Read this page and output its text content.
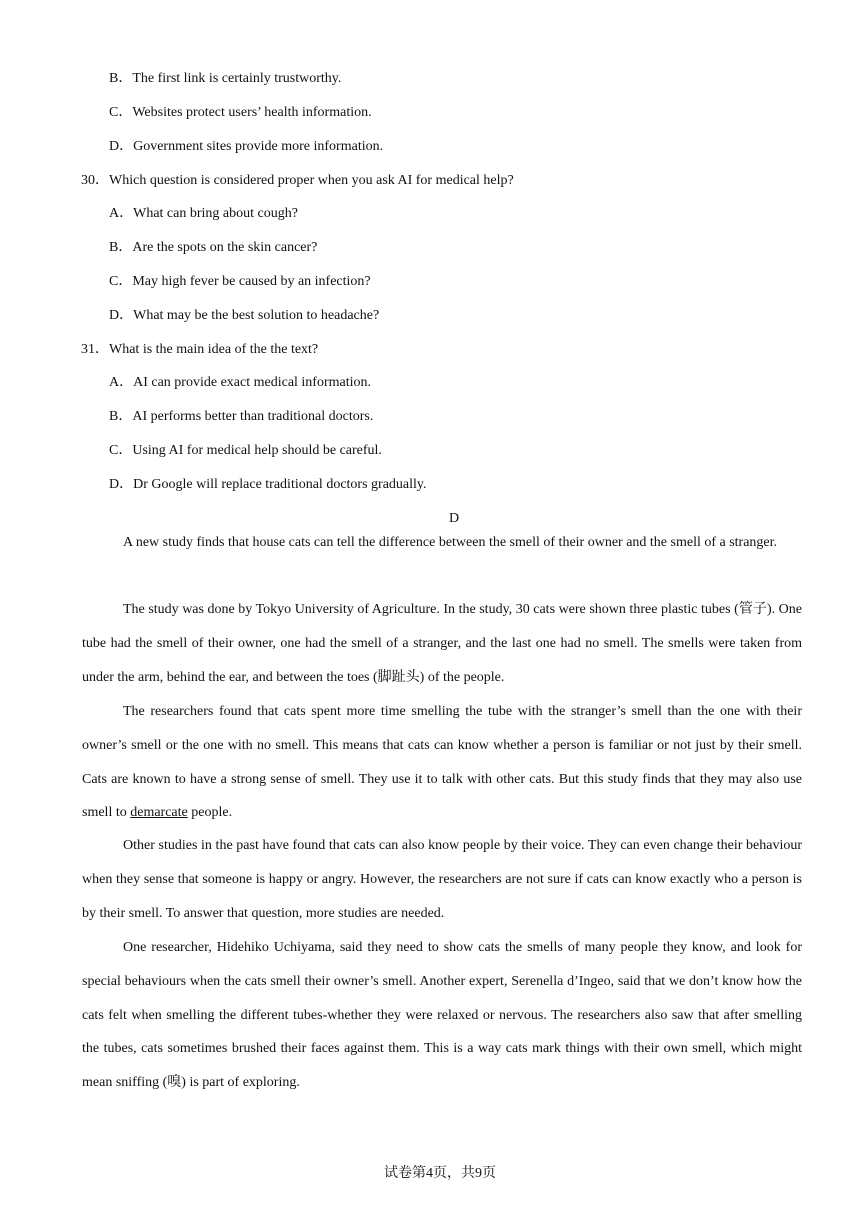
B．The first link is certainly trustworthy.
C．Websites protect users’ health information.
D．Government sites provide more information.
30．Which question is considered proper when you ask AI for medical help?
A．What can bring about cough?
B．Are the spots on the skin cancer?
C．May high fever be caused by an infection?
D．What may be the best solution to headache?
31．What is the main idea of the the text?
A．AI can provide exact medical information.
B．AI performs better than traditional doctors.
C．Using AI for medical help should be careful.
D．Dr Google will replace traditional doctors gradually.
D

A new study finds that house cats can tell the difference between the smell of their owner and the smell of a stranger.

The study was done by Tokyo University of Agriculture. In the study, 30 cats were shown three plastic tubes (管子). One tube had the smell of their owner, one had the smell of a stranger, and the last one had no smell. The smells were taken from under the arm, behind the ear, and between the toes (脚趾头) of the people.

The researchers found that cats spent more time smelling the tube with the stranger’s smell than the one with their owner’s smell or the one with no smell. This means that cats can know whether a person is familiar or not just by their smell. Cats are known to have a strong sense of smell. They use it to talk with other cats. But this study finds that they may also use smell to demarcate people.

Other studies in the past have found that cats can also know people by their voice. They can even change their behaviour when they sense that someone is happy or angry. However, the researchers are not sure if cats can know exactly who a person is by their smell. To answer that question, more studies are needed.

One researcher, Hidehiko Uchiyama, said they need to show cats the smells of many people they know, and look for special behaviours when the cats smell their owner’s smell. Another expert, Serenella d’Ingeo, said that we don’t know how the cats felt when smelling the different tubes-whether they were relaxed or nervous. The researchers also saw that after smelling the tubes, cats sometimes brushed their faces against them. This is a way cats mark things with their own smell, which might mean sniffing (嗅) is part of exploring.

试卷第4页，共9页
